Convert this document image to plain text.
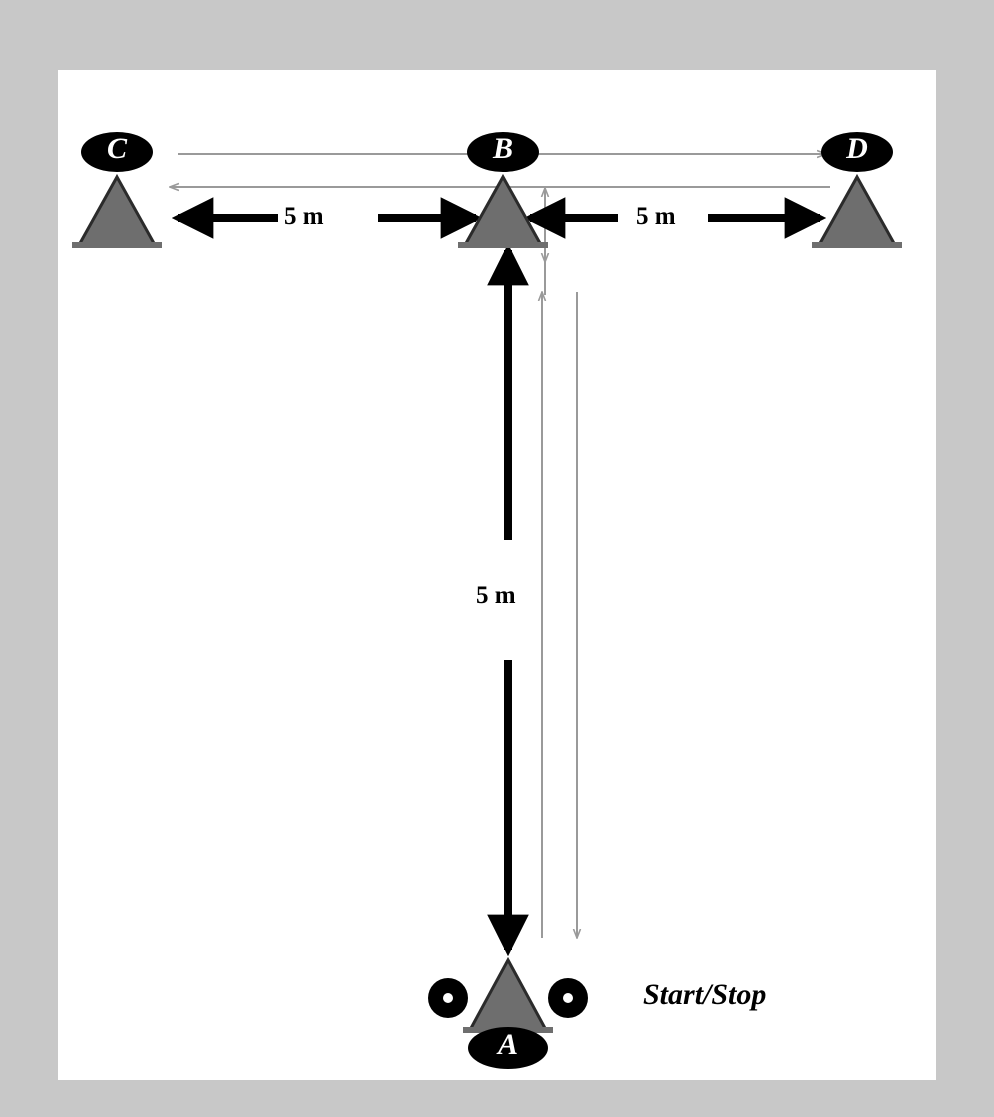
C	B	D
A
5 m	5 m
5 m
Start/Stop
